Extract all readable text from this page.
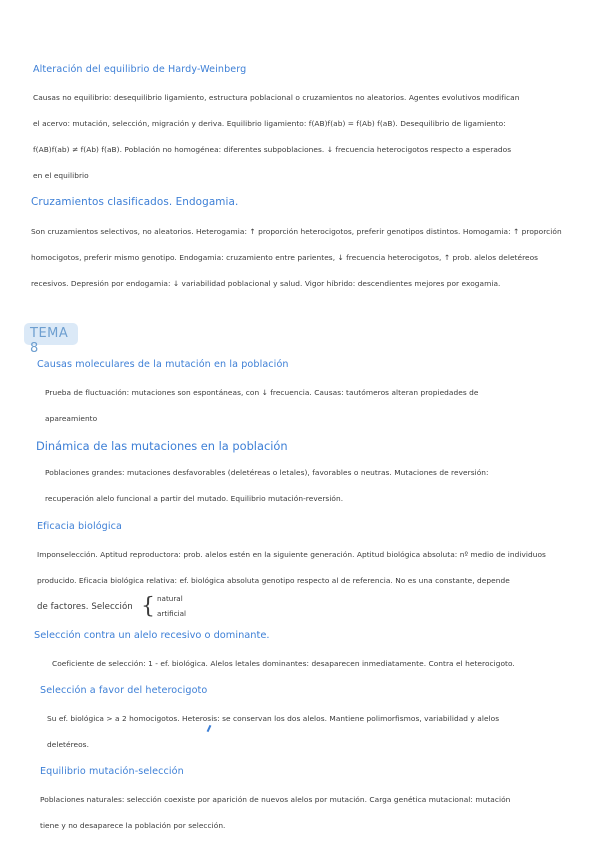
Alteración del equilibrio de Hardy-Weinberg
Causas no equilibrio: desequilibrio ligamiento, estructura poblacional o cruzamientos no aleatorios. Agentes evolutivos modifican
el acervo: mutación, selección, migración y deriva. Equilibrio ligamiento: f(AB)f(ab) = f(Ab) f(aB). Desequilibrio de ligamiento:
f(AB)f(ab) ≠ f(Ab) f(aB). Población no homogénea: diferentes subpoblaciones. ↓ frecuencia heterocigotos respecto a esperados
en el equilibrio
Cruzamientos clasificados. Endogamia.
Son cruzamientos selectivos, no aleatorios. Heterogamia: ↑ proporción heterocigotos, preferir genotipos distintos. Homogamia: ↑ proporción
homocigotos, preferir mismo genotipo. Endogamia: cruzamiento entre parientes, ↓ frecuencia heterocigotos, ↑ prob. alelos deletéreos
recesivos. Depresión por endogamia: ↓ variabilidad poblacional y salud. Vigor híbrido: descendientes mejores por exogamia.
TEMA 8
Causas moleculares de la mutación en la población
Prueba de fluctuación: mutaciones son espontáneas, con ↓ frecuencia. Causas: tautómeros alteran propiedades de
apareamiento
Dinámica de las mutaciones en la población
Poblaciones grandes: mutaciones desfavorables (deletéreas o letales), favorables o neutras. Mutaciones de reversión:
recuperación alelo funcional a partir del mutado. Equilibrio mutación-reversión.
Eficacia biológica
Imponselección. Aptitud reproductora: prob. alelos estén en la siguiente generación. Aptitud biológica absoluta: nº medio de individuos
producido. Eficacia biológica relativa: ef. biológica absoluta genotipo respecto al de referencia. No es una constante, depende
de factores. Selección { natural
artificial
Selección contra un alelo recesivo o dominante.
Coeficiente de selección: 1 - ef. biológica. Alelos letales dominantes: desaparecen inmediatamente. Contra el heterocigoto.
Selección a favor del heterocigoto
Su ef. biológica > a 2 homocigotos. Heterosis: se conservan los dos alelos. Mantiene polimorfismos, variabilidad y alelos
deletéreos.
Equilibrio mutación-selección
Poblaciones naturales: selección coexiste por aparición de nuevos alelos por mutación. Carga genética mutacional: mutación
tiene y no desaparece la población por selección.
